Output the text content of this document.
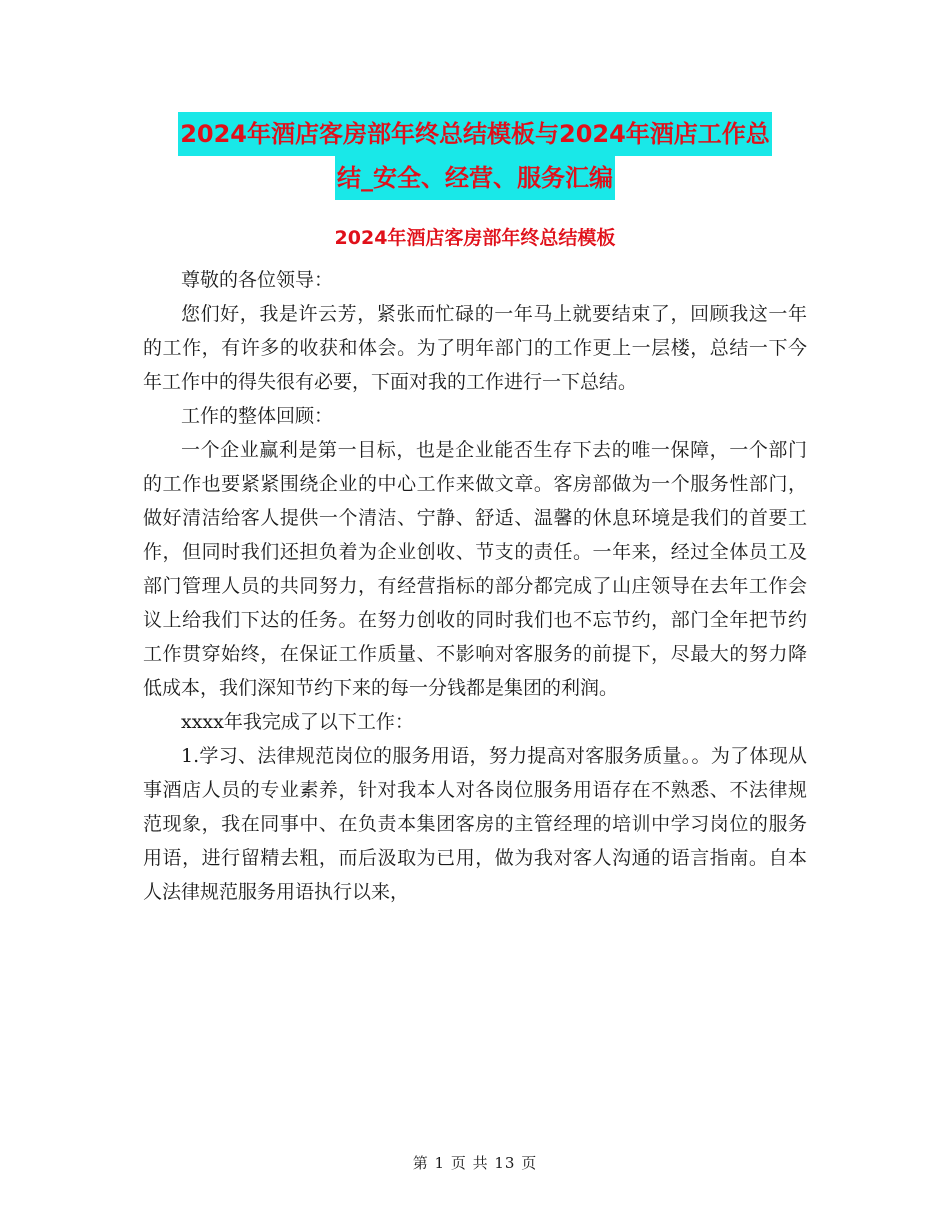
2024年酒店客房部年终总结模板与2024年酒店工作总
结_安全、经营、服务汇编
2024年酒店客房部年终总结模板

尊敬的各位领导：

您们好，我是许云芳，紧张而忙碌的一年马上就要结束了，回顾我这一年的工作，有许多的收获和体会。为了明年部门的工作更上一层楼，总结一下今年工作中的得失很有必要，下面对我的工作进行一下总结。

工作的整体回顾：

一个企业赢利是第一目标，也是企业能否生存下去的唯一保障，一个部门的工作也要紧紧围绕企业的中心工作来做文章。客房部做为一个服务性部门，做好清洁给客人提供一个清洁、宁静、舒适、温馨的休息环境是我们的首要工作，但同时我们还担负着为企业创收、节支的责任。一年来，经过全体员工及部门管理人员的共同努力，有经营指标的部分都完成了山庄领导在去年工作会议上给我们下达的任务。在努力创收的同时我们也不忘节约，部门全年把节约工作贯穿始终，在保证工作质量、不影响对客服务的前提下，尽最大的努力降低成本，我们深知节约下来的每一分钱都是集团的利润。

xxxx年我完成了以下工作：

1.学习、法律规范岗位的服务用语，努力提高对客服务质量。。为了体现从事酒店人员的专业素养，针对我本人对各岗位服务用语存在不熟悉、不法律规范现象，我在同事中、在负责本集团客房的主管经理的培训中学习岗位的服务用语，进行留精去粗，而后汲取为已用，做为我对客人沟通的语言指南。自本人法律规范服务用语执行以来，

第 1 页 共 13 页
